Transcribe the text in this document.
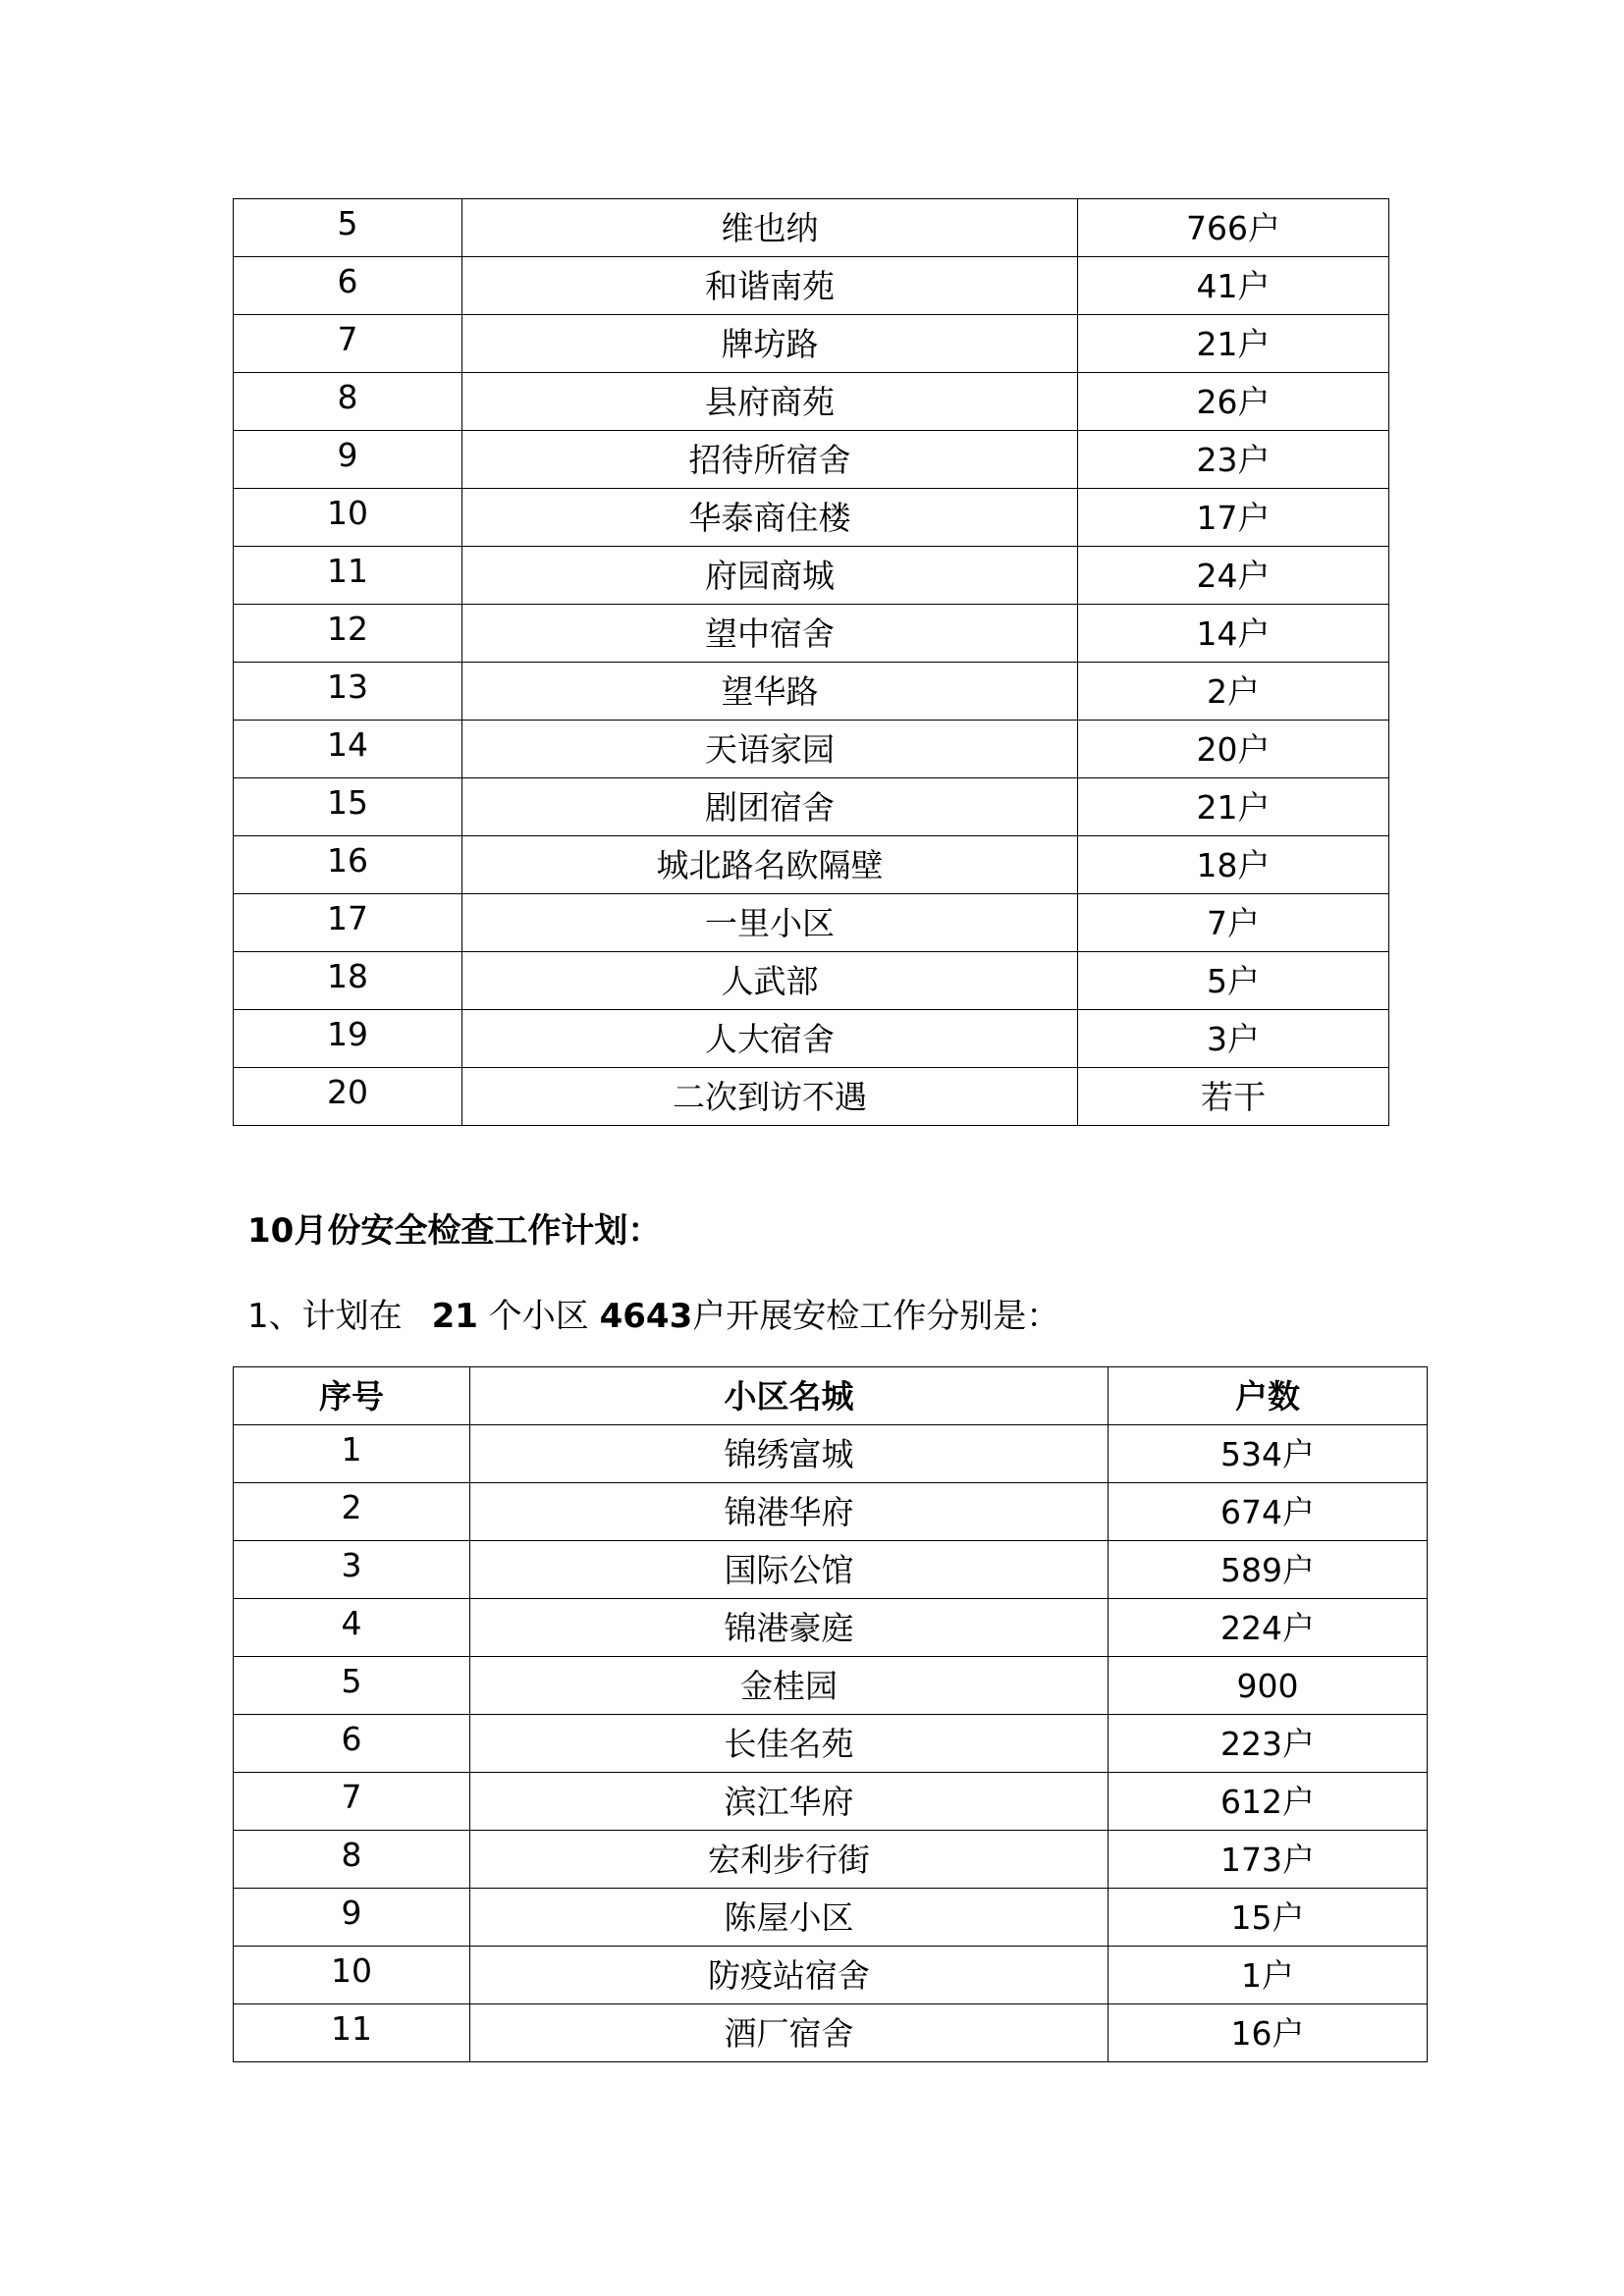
5	维也纳	766户
6	和谐南苑	41户
7	牌坊路	21户
8	县府商苑	26户
9	招待所宿舍	23户
10	华泰商住楼	17户
11	府园商城	24户
12	望中宿舍	14户
13	望华路	2户
14	天语家园	20户
15	剧团宿舍	21户
16	城北路名欧隔壁	18户
17	一里小区	7户
18	人武部	5户
19	人大宿舍	3户
20	二次到访不遇	若干
10月份安全检查工作计划：
1、计划在 21 个小区 4643户开展安检工作分别是：
序号	小区名城	户数
1	锦绣富城	534户
2	锦港华府	674户
3	国际公馆	589户
4	锦港豪庭	224户
5	金桂园	900
6	长佳名苑	223户
7	滨江华府	612户
8	宏利步行街	173户
9	陈屋小区	15户
10	防疫站宿舍	1户
11	酒厂宿舍	16户
